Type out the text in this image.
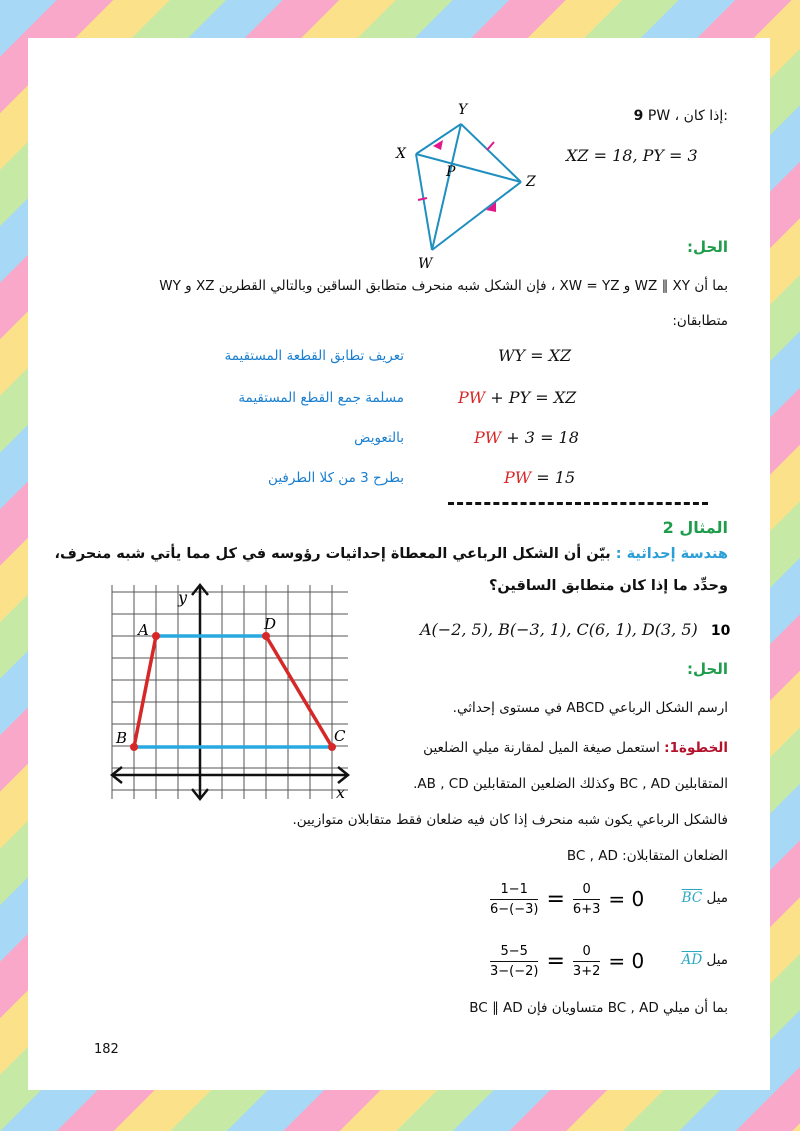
Y
X
P
Z
W
9 PW ، إذا كان:
XZ = 18, PY = 3
الحل:
بما أن WZ ∥ XY و XW = YZ ، فإن الشكل شبه منحرف متطابق الساقين وبالتالي القطرين XZ و WY
متطابقان:
WY = XZ
تعريف تطابق القطعة المستقيمة
PW + PY = XZ
مسلمة جمع القطع المستقيمة
PW + 3 = 18
بالتعويض
PW = 15
بطرح 3 من كلا الطرفين
المثال 2
هندسة إحداثية : بيّن أن الشكل الرباعي المعطاة إحداثيات رؤوسه في كل مما يأتي شبه منحرف،
وحدِّد ما إذا كان متطابق الساقين؟
A
B	C
D
y
x
A(−2, 5), B(−3, 1), C(6, 1), D(3, 5) 10
الحل:
ارسم الشكل الرباعي ABCD في مستوى إحداثي.
الخطوة1: استعمل صيغة الميل لمقارنة ميلي الضلعين
المتقابلين BC , AD وكذلك الضلعين المتقابلين AB , CD.
فالشكل الرباعي يكون شبه منحرف إذا كان فيه ضلعان فقط متقابلان متوازيين.
الضلعان المتقابلان: BC , AD
$\frac{1-1}{6-(-3)} = \frac{0}{6+3} = 0$	ميل BC
$\frac{5-5}{3-(-2)} = \frac{0}{3+2} = 0$	ميل AD
بما أن ميلي BC , AD متساويان فإن BC ∥ AD
182
